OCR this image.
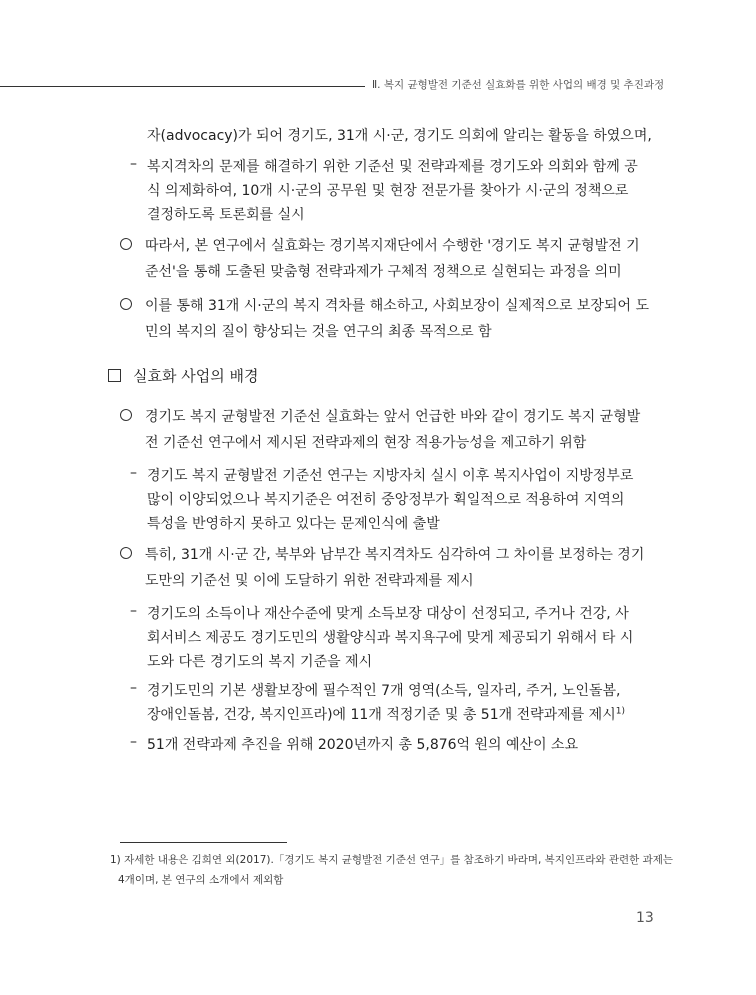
Ⅱ. 복지 균형발전 기준선 실효화를 위한 사업의 배경 및 추진과정
자(advocacy)가 되어 경기도, 31개 시·군, 경기도 의회에 알리는 활동을 하였으며,
– 복지격차의 문제를 해결하기 위한 기준선 및 전략과제를 경기도와 의회와 함께 공
식 의제화하여, 10개 시·군의 공무원 및 현장 전문가를 찾아가 시·군의 정책으로
결정하도록 토론회를 실시
따라서, 본 연구에서 실효화는 경기복지재단에서 수행한 '경기도 복지 균형발전 기
준선'을 통해 도출된 맞춤형 전략과제가 구체적 정책으로 실현되는 과정을 의미
이를 통해 31개 시·군의 복지 격차를 해소하고, 사회보장이 실제적으로 보장되어 도
민의 복지의 질이 향상되는 것을 연구의 최종 목적으로 함
실효화 사업의 배경
경기도 복지 균형발전 기준선 실효화는 앞서 언급한 바와 같이 경기도 복지 균형발
전 기준선 연구에서 제시된 전략과제의 현장 적용가능성을 제고하기 위함
– 경기도 복지 균형발전 기준선 연구는 지방자치 실시 이후 복지사업이 지방정부로
많이 이양되었으나 복지기준은 여전히 중앙정부가 획일적으로 적용하여 지역의
특성을 반영하지 못하고 있다는 문제인식에 출발
특히, 31개 시·군 간, 북부와 남부간 복지격차도 심각하여 그 차이를 보정하는 경기
도만의 기준선 및 이에 도달하기 위한 전략과제를 제시
– 경기도의 소득이나 재산수준에 맞게 소득보장 대상이 선정되고, 주거나 건강, 사
회서비스 제공도 경기도민의 생활양식과 복지욕구에 맞게 제공되기 위해서 타 시
도와 다른 경기도의 복지 기준을 제시
– 경기도민의 기본 생활보장에 필수적인 7개 영역(소득, 일자리, 주거, 노인돌봄,
장애인돌봄, 건강, 복지인프라)에 11개 적정기준 및 총 51개 전략과제를 제시$^{1)}$
– 51개 전략과제 추진을 위해 2020년까지 총 5,876억 원의 예산이 소요
1) 자세한 내용은 김희연 외(2017).「경기도 복지 균형발전 기준선 연구」를 참조하기 바라며, 복지인프라와 관련한 과제는
4개이며, 본 연구의 소개에서 제외함
13
